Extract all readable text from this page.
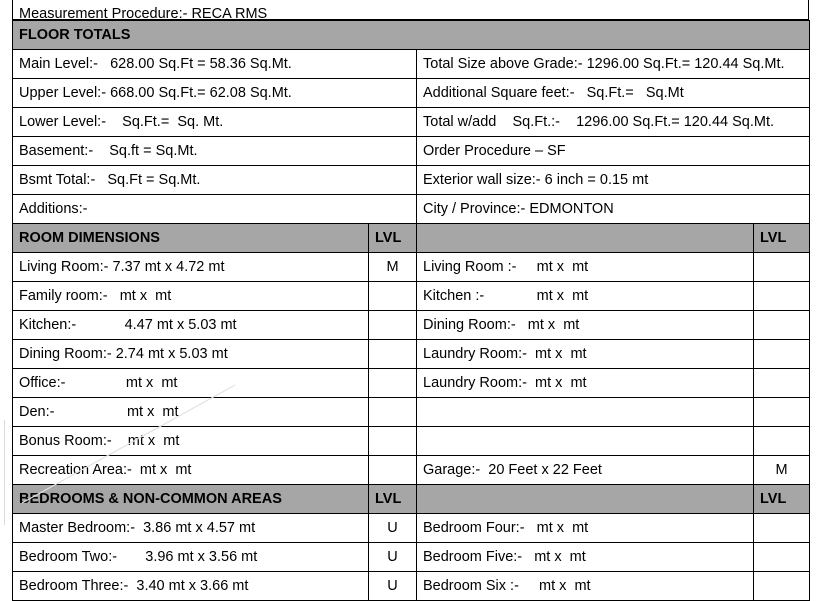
Measurement Procedure:- RECA RMS
FLOOR TOTALS			
Main Level:-   628.00 Sq.Ft = 58.36 Sq.Mt.		Total Size above Grade:- 1296.00 Sq.Ft.= 120.44 Sq.Mt.	
Upper Level:- 668.00 Sq.Ft.= 62.08 Sq.Mt.		Additional Square feet:-   Sq.Ft.=   Sq.Mt	
Lower Level:-    Sq.Ft.=  Sq. Mt.		Total w/add    Sq.Ft.:-    1296.00 Sq.Ft.= 120.44 Sq.Mt.	
Basement:-    Sq.ft = Sq.Mt.		Order Procedure – SF	
Bsmt Total:-   Sq.Ft = Sq.Mt.		Exterior wall size:- 6 inch = 0.15 mt	
Additions:-		City / Province:- EDMONTON	
ROOM DIMENSIONS	LVL		LVL
Living Room:- 7.37 mt x 4.72 mt	M	Living Room :-     mt x  mt	
Family room:-   mt x  mt		Kitchen :-             mt x  mt	
Kitchen:-            4.47 mt x 5.03 mt		Dining Room:-   mt x  mt	
Dining Room:- 2.74 mt x 5.03 mt		Laundry Room:-  mt x  mt	
Office:-               mt x  mt		Laundry Room:-  mt x  mt	
Den:-                  mt x  mt			
Bonus Room:-    mt x  mt			
Recreation Area:-  mt x  mt		Garage:-  20 Feet x 22 Feet	M
BEDROOMS & NON-COMMON AREAS	LVL		LVL
Master Bedroom:-  3.86 mt x 4.57 mt	U	Bedroom Four:-   mt x  mt	
Bedroom Two:-       3.96 mt x 3.56 mt	U	Bedroom Five:-   mt x  mt	
Bedroom Three:-  3.40 mt x 3.66 mt	U	Bedroom Six :-     mt x  mt	
